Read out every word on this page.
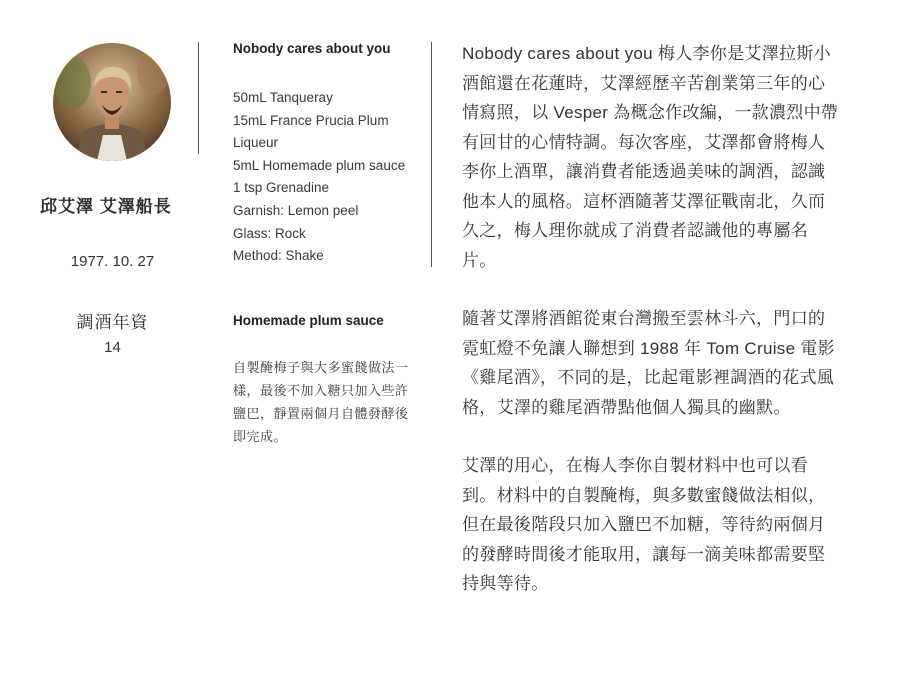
邱艾澤 艾澤船長
1977. 10. 27
調酒年資
14
Nobody cares about you
50mL Tanqueray
15mL France Prucia Plum Liqueur
5mL Homemade plum sauce
1 tsp Grenadine
Garnish: Lemon peel
Glass: Rock
Method: Shake
Homemade plum sauce
自製醃梅子與大多蜜餞做法一樣，最後不加入糖只加入些許鹽巴，靜置兩個月自體發酵後即完成。

Nobody cares about you 梅人李你是艾澤拉斯小酒館還在花蓮時，艾澤經歷辛苦創業第三年的心情寫照，以 Vesper 為概念作改編，一款濃烈中帶有回甘的心情特調。每次客座，艾澤都會將梅人李你上酒單，讓消費者能透過美味的調酒，認識他本人的風格。這杯酒隨著艾澤征戰南北，久而久之，梅人理你就成了消費者認識他的專屬名片。

隨著艾澤將酒館從東台灣搬至雲林斗六，門口的霓虹燈不免讓人聯想到 1988 年 Tom Cruise 電影《雞尾酒》，不同的是，比起電影裡調酒的花式風格，艾澤的雞尾酒帶點他個人獨具的幽默。

艾澤的用心，在梅人李你自製材料中也可以看到。材料中的自製醃梅，與多數蜜餞做法相似，但在最後階段只加入鹽巴不加糖，等待約兩個月的發酵時間後才能取用，讓每一滴美味都需要堅持與等待。
